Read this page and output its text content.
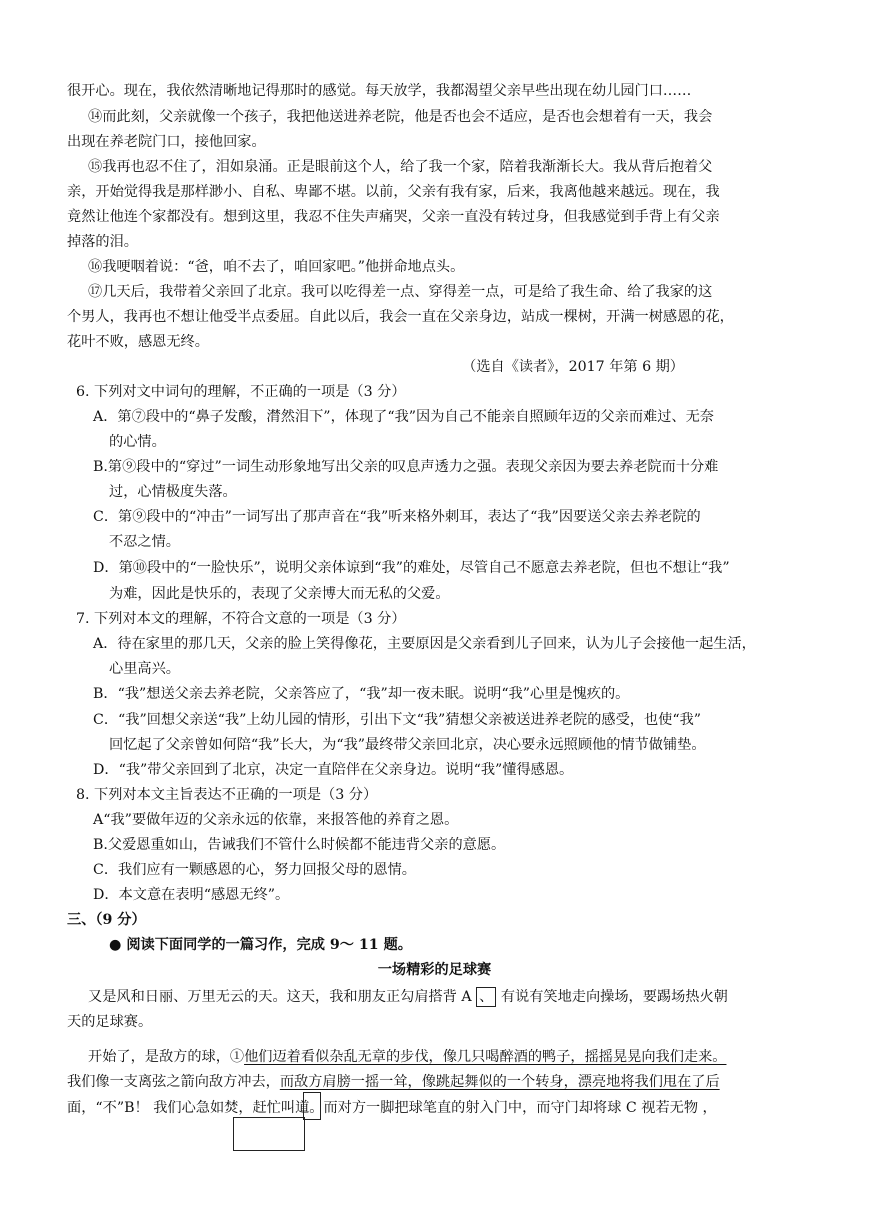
很开心。现在，我依然清晰地记得那时的感觉。每天放学，我都渴望父亲早些出现在幼儿园门口……
⑭而此刻，父亲就像一个孩子，我把他送进养老院，他是否也会不适应，是否也会想着有一天，我会
出现在养老院门口，接他回家。
⑮我再也忍不住了，泪如泉涌。正是眼前这个人，给了我一个家，陪着我渐渐长大。我从背后抱着父
亲，开始觉得我是那样渺小、自私、卑鄙不堪。以前，父亲有我有家，后来，我离他越来越远。现在，我
竟然让他连个家都没有。想到这里，我忍不住失声痛哭，父亲一直没有转过身，但我感觉到手背上有父亲
掉落的泪。
⑯我哽咽着说：“爸，咱不去了，咱回家吧。”他拼命地点头。
⑰几天后，我带着父亲回了北京。我可以吃得差一点、穿得差一点，可是给了我生命、给了我家的这
个男人，我再也不想让他受半点委屈。自此以后，我会一直在父亲身边，站成一棵树，开满一树感恩的花，
花叶不败，感恩无终。
（选自《读者》，2017 年第 6 期）
6. 下列对文中词句的理解，不正确的一项是（3 分）
A．第⑦段中的“鼻子发酸，潸然泪下”，体现了“我”因为自己不能亲自照顾年迈的父亲而难过、无奈
的心情。
B.第⑨段中的“穿过”一词生动形象地写出父亲的叹息声透力之强。表现父亲因为要去养老院而十分难
过，心情极度失落。
C．第⑨段中的“冲击”一词写出了那声音在“我”听来格外刺耳，表达了“我”因要送父亲去养老院的
不忍之情。
D．第⑩段中的“一脸快乐”，说明父亲体谅到“我”的难处，尽管自己不愿意去养老院，但也不想让“我”
为难，因此是快乐的，表现了父亲博大而无私的父爱。
7. 下列对本文的理解，不符合文意的一项是（3 分）
A．待在家里的那几天，父亲的脸上笑得像花，主要原因是父亲看到儿子回来，认为儿子会接他一起生活，
心里高兴。
B．“我”想送父亲去养老院，父亲答应了，“我”却一夜未眠。说明“我”心里是愧疚的。
C．“我”回想父亲送“我”上幼儿园的情形，引出下文“我”猜想父亲被送进养老院的感受，也使“我”
回忆起了父亲曾如何陪“我”长大，为“我”最终带父亲回北京，决心要永远照顾他的情节做铺垫。
D．“我”带父亲回到了北京，决定一直陪伴在父亲身边。说明“我”懂得感恩。
8. 下列对本文主旨表达不正确的一项是（3 分）
A“我”要做年迈的父亲永远的依靠，来报答他的养育之恩。
B.父爱恩重如山，告诫我们不管什么时候都不能违背父亲的意愿。
C．我们应有一颗感恩的心，努力回报父母的恩情。
D．本文意在表明“感恩无终”。
三、（9 分）
● 阅读下面同学的一篇习作，完成 9～ 11 题。
一场精彩的足球赛
又是风和日丽、万里无云的天。这天，我和朋友正勾肩搭背 A 、 有说有笑地走向操场，要踢场热火朝
天的足球赛。
开始了，是敌方的球，①他们迈着看似杂乱无章的步伐，像几只喝醉酒的鸭子，摇摇晃晃向我们走来。
我们像一支离弦之箭向敌方冲去，而敌方肩膀一摇一耸，像跳起舞似的一个转身，漂亮地将我们甩在了后
面，“不”B！ 我们心急如焚，赶忙叫道。而对方一脚把球笔直的射入门中，而守门却将球 C 视若无物 ，
